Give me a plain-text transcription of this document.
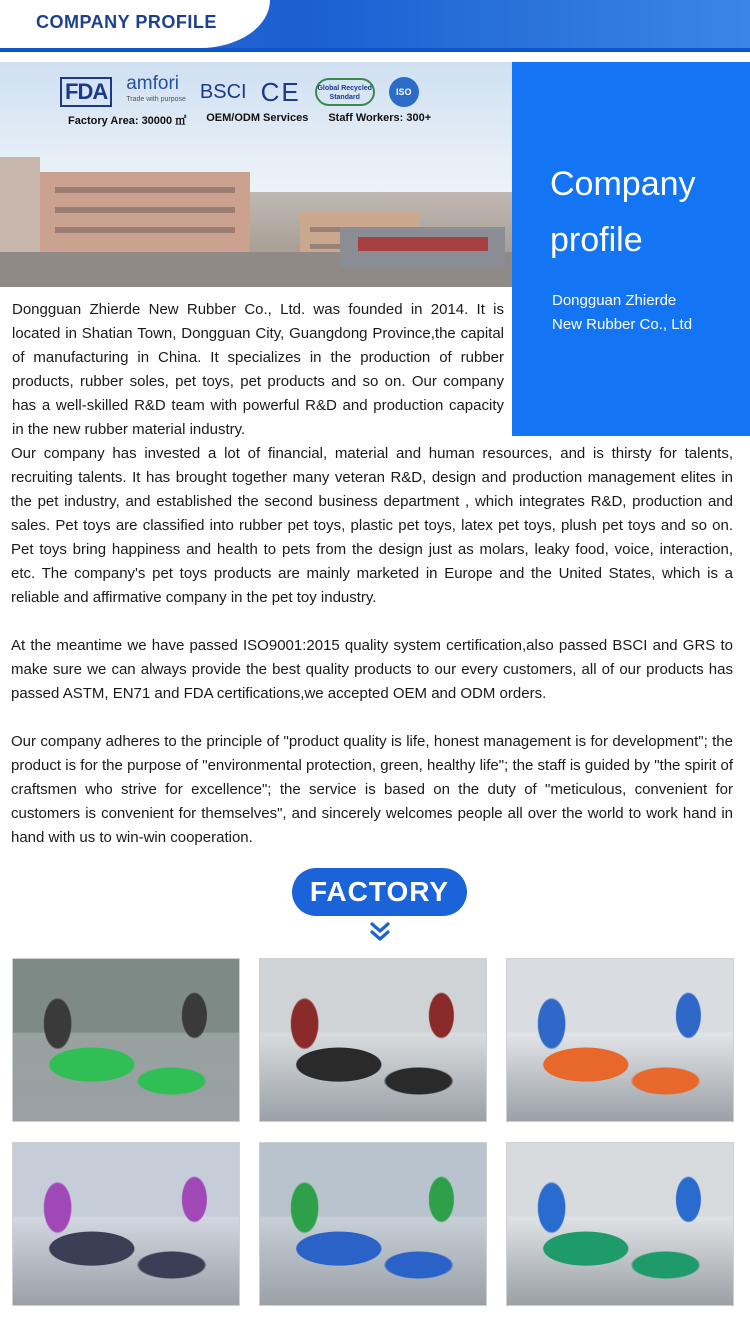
COMPANY PROFILE
FDA amfori
Trade with purpose BSCI CE	Global Recycled Standard
ISO
Factory Area: 30000 ㎡ OEM/ODM Services Staff Workers: 300+
Company
profile
Dongguan Zhierde
New Rubber Co., Ltd

Dongguan Zhierde New Rubber Co., Ltd. was founded in 2014. It is located in Shatian Town, Dongguan City, Guangdong Province,the capital of manufacturing in China. It specializes in the production of rubber products, rubber soles, pet toys, pet products and so on. Our company has a well-skilled R&D team with powerful R&D and production capacity in the new rubber material industry.

Our company has invested a lot of financial, material and human resources, and is thirsty for talents, recruiting talents. It has brought together many veteran R&D, design and production management elites in the pet industry, and established the second business department , which integrates R&D, production and sales. Pet toys are classified into rubber pet toys, plastic pet toys, latex pet toys, plush pet toys and so on. Pet toys bring happiness and health to pets from the design just as molars, leaky food, voice, interaction, etc. The company's pet toys products are mainly marketed in Europe and the United States, which is a reliable and affirmative company in the pet toy industry.

At the meantime we have passed ISO9001:2015 quality system certification,also passed BSCI and GRS to make sure we can always provide the best quality products to our every customers, all of our products has passed ASTM, EN71 and FDA certifications,we accepted OEM and ODM orders.

Our company adheres to the principle of "product quality is life, honest management is for development"; the product is for the purpose of "environmental protection, green, healthy life"; the staff is guided by "the spirit of craftsmen who strive for excellence"; the service is based on the duty of "meticulous, convenient for customers is convenient for themselves", and sincerely welcomes people all over the world to work hand in hand with us to win-win cooperation.

FACTORY
